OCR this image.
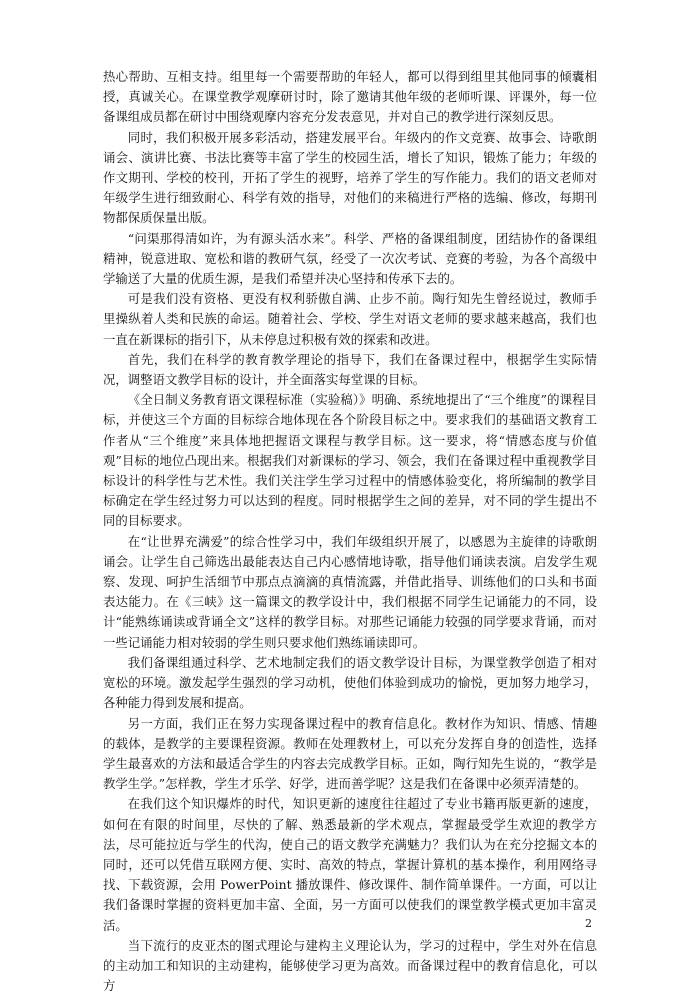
热心帮助、互相支持。组里每一个需要帮助的年轻人，都可以得到组里其他同事的倾囊相授，真诚关心。在课堂教学观摩研讨时，除了邀请其他年级的老师听课、评课外，每一位备课组成员都在研讨中围绕观摩内容充分发表意见，并对自己的教学进行深刻反思。

同时，我们积极开展多彩活动，搭建发展平台。年级内的作文竞赛、故事会、诗歌朗诵会、演讲比赛、书法比赛等丰富了学生的校园生活，增长了知识，锻炼了能力；年级的作文期刊、学校的校刊，开拓了学生的视野，培养了学生的写作能力。我们的语文老师对年级学生进行细致耐心、科学有效的指导，对他们的来稿进行严格的选编、修改，每期刊物都保质保量出版。

“问渠那得清如许，为有源头活水来”。科学、严格的备课组制度，团结协作的备课组精神，锐意进取、宽松和谐的教研气氛，经受了一次次考试、竞赛的考验，为各个高级中学输送了大量的优质生源，是我们希望并决心坚持和传承下去的。

可是我们没有资格、更没有权利骄傲自满、止步不前。陶行知先生曾经说过，教师手里操纵着人类和民族的命运。随着社会、学校、学生对语文老师的要求越来越高，我们也一直在新课标的指引下，从未停息过积极有效的探索和改进。

首先，我们在科学的教育教学理论的指导下，我们在备课过程中，根据学生实际情况，调整语文教学目标的设计，并全面落实每堂课的目标。

《全日制义务教育语文课程标准（实验稿）》明确、系统地提出了“三个维度”的课程目标，并使这三个方面的目标综合地体现在各个阶段目标之中。要求我们的基础语文教育工作者从“三个维度”来具体地把握语文课程与教学目标。这一要求，将“情感态度与价值观”目标的地位凸现出来。根据我们对新课标的学习、领会，我们在备课过程中重视教学目标设计的科学性与艺术性。我们关注学生学习过程中的情感体验变化，将所编制的教学目标确定在学生经过努力可以达到的程度。同时根据学生之间的差异，对不同的学生提出不同的目标要求。

在“让世界充满爱”的综合性学习中，我们年级组织开展了，以感恩为主旋律的诗歌朗诵会。让学生自己筛选出最能表达自己内心感情地诗歌，指导他们诵读表演。启发学生观察、发现、呵护生活细节中那点点滴滴的真情流露，并借此指导、训练他们的口头和书面表达能力。在《三峡》这一篇课文的教学设计中，我们根据不同学生记诵能力的不同，设计“能熟练诵读或背诵全文”这样的教学目标。对那些记诵能力较强的同学要求背诵，而对一些记诵能力相对较弱的学生则只要求他们熟练诵读即可。

我们备课组通过科学、艺术地制定我们的语文教学设计目标，为课堂教学创造了相对宽松的环境。激发起学生强烈的学习动机，使他们体验到成功的愉悦，更加努力地学习，各种能力得到发展和提高。

另一方面，我们正在努力实现备课过程中的教育信息化。教材作为知识、情感、情趣的载体，是教学的主要课程资源。教师在处理教材上，可以充分发挥自身的创造性，选择学生最喜欢的方法和最适合学生的内容去完成教学目标。正如，陶行知先生说的，“教学是教学生学。”怎样教，学生才乐学、好学，进而善学呢？这是我们在备课中必须弄清楚的。

在我们这个知识爆炸的时代，知识更新的速度往往超过了专业书籍再版更新的速度，如何在有限的时间里，尽快的了解、熟悉最新的学术观点，掌握最受学生欢迎的教学方法，尽可能拉近与学生的代沟，使自己的语文教学充满魅力？我们认为在充分挖掘文本的同时，还可以凭借互联网方便、实时、高效的特点，掌握计算机的基本操作，利用网络寻找、下载资源，会用 PowerPoint 播放课件、修改课件、制作简单课件。一方面，可以让我们备课时掌握的资料更加丰富、全面，另一方面可以使我们的课堂教学模式更加丰富灵活。

当下流行的皮亚杰的图式理论与建构主义理论认为，学习的过程中，学生对外在信息的主动加工和知识的主动建构，能够使学习更为高效。而备课过程中的教育信息化，可以方

2
